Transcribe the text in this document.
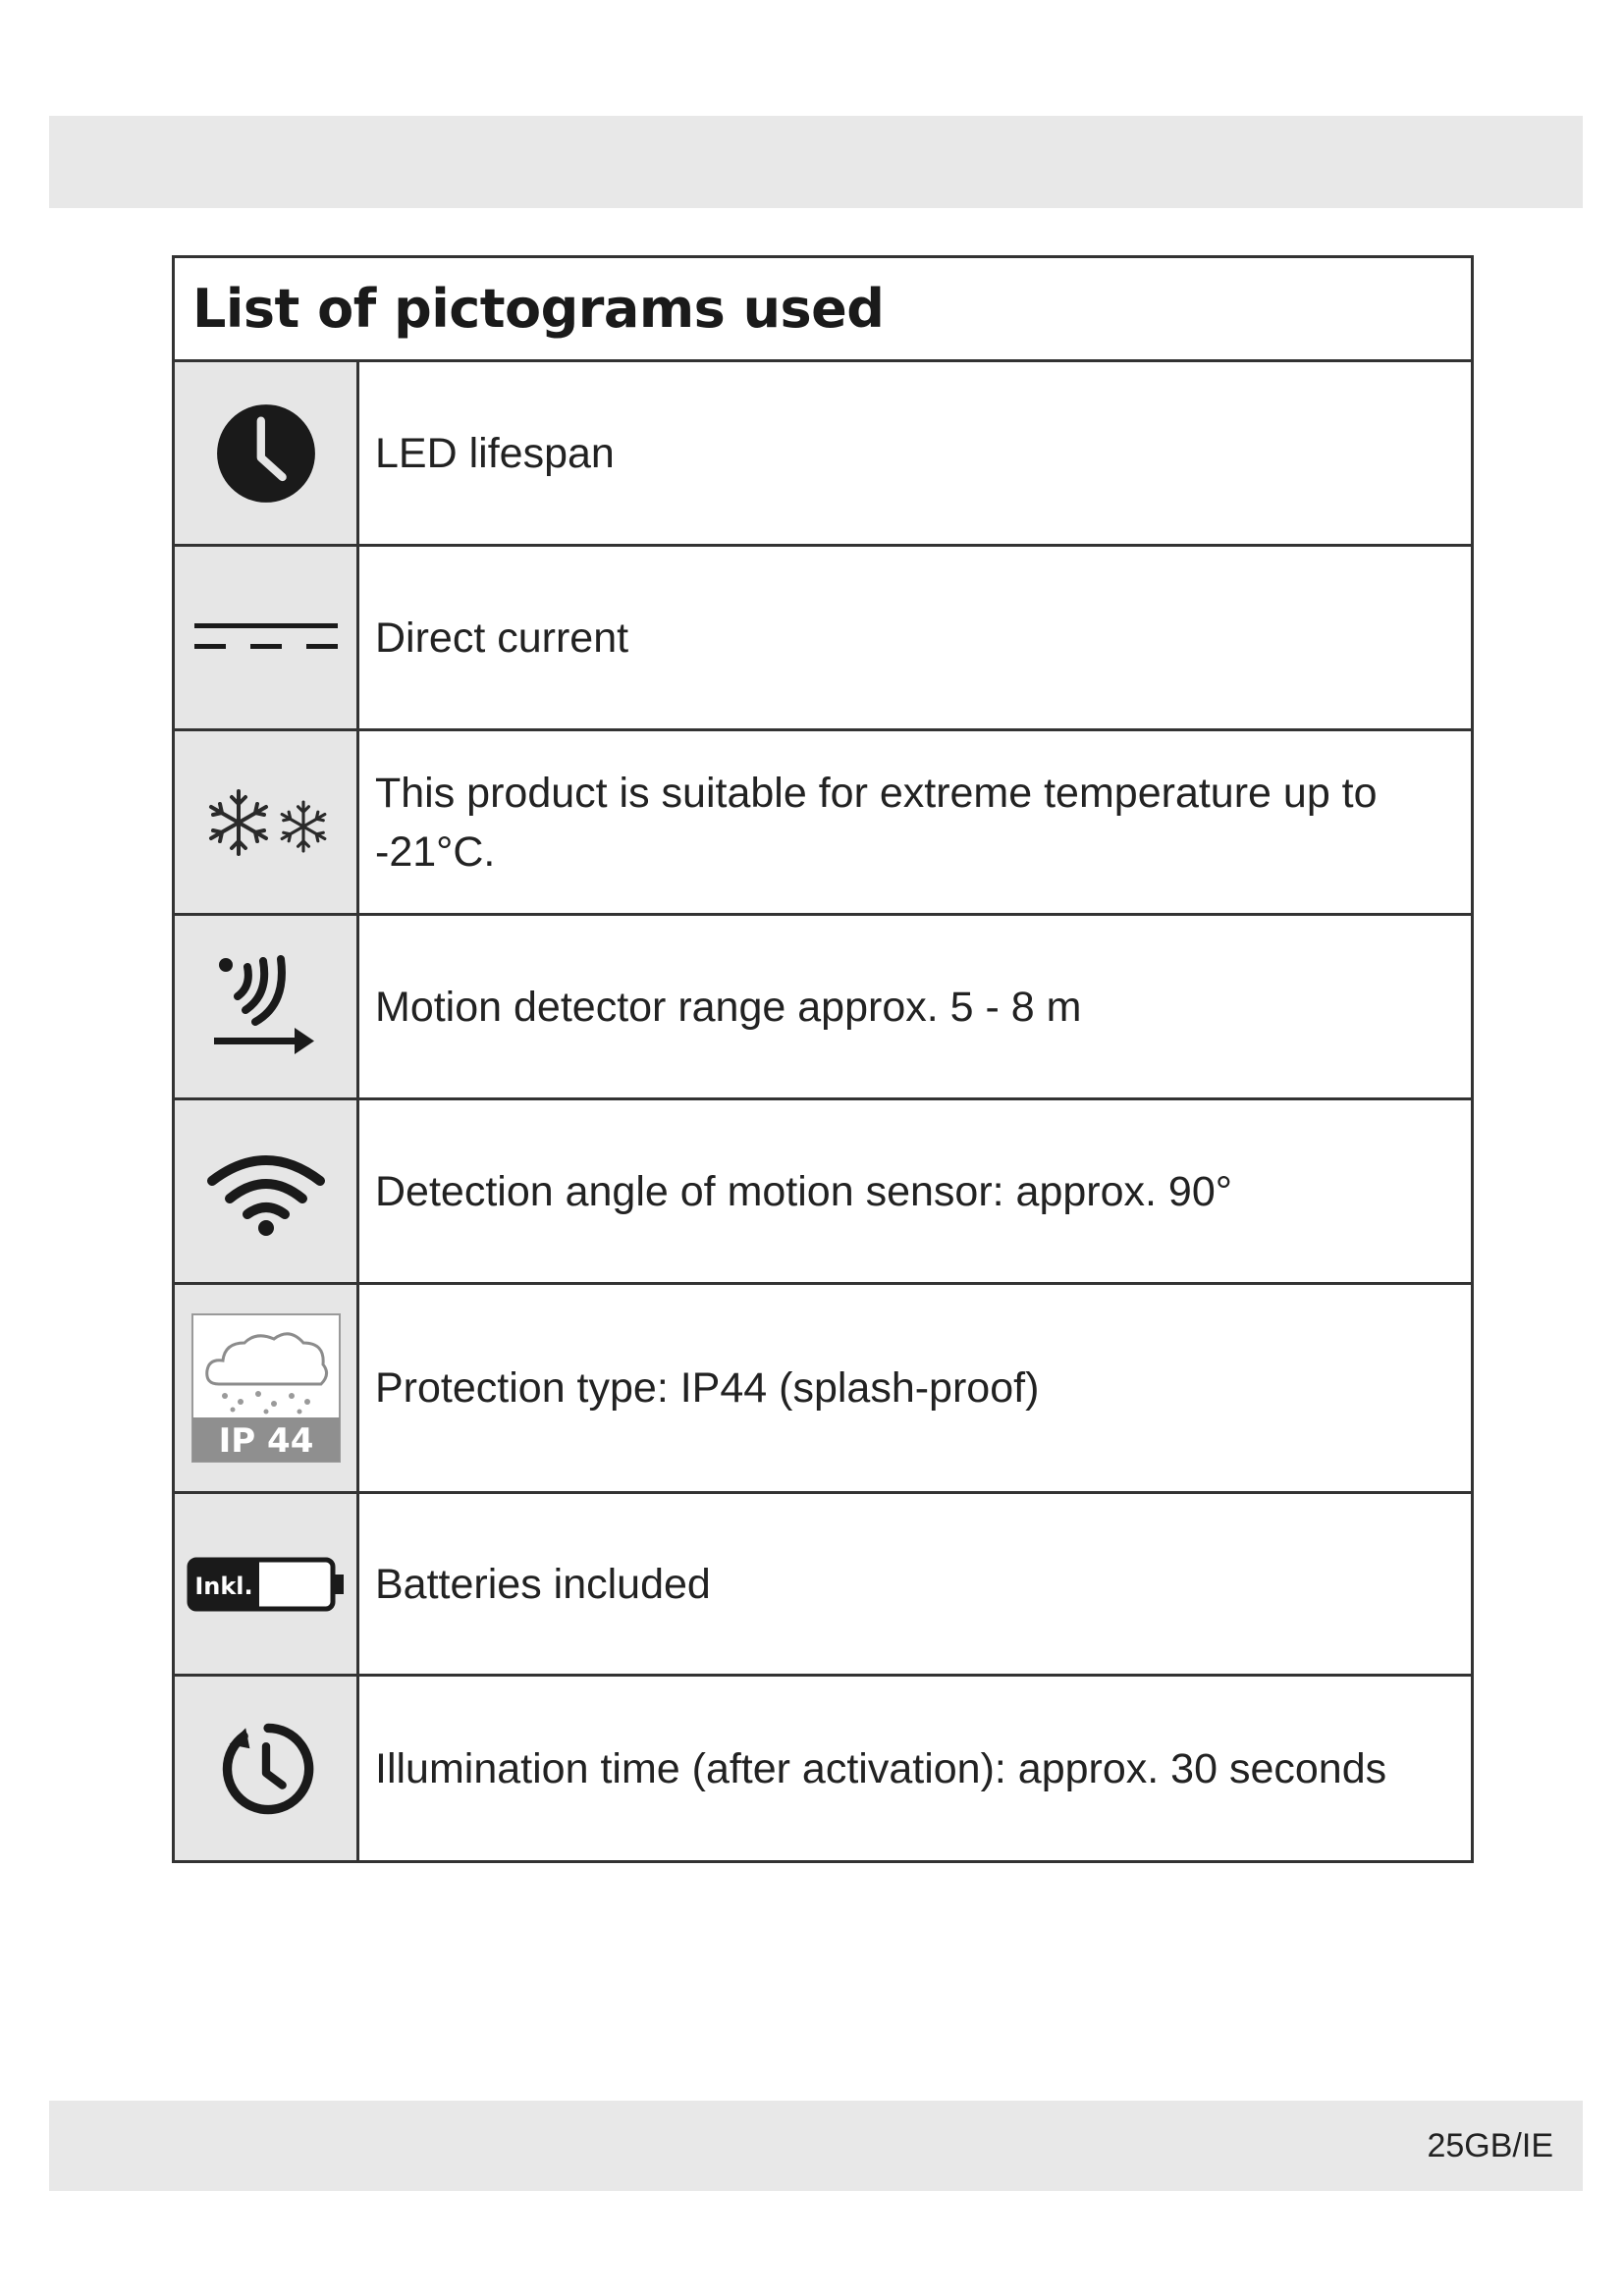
List of pictograms used
LED lifespan
Direct current
This product is suitable for extreme temperature up to -21°C.
Motion detector range approx. 5 - 8 m
Detection angle of motion sensor: approx. 90°
IP 44
Protection type: IP44 (splash-proof)
Inkl.	Batteries included
Illumination time (after activation): approx. 30 seconds
25GB/IE
